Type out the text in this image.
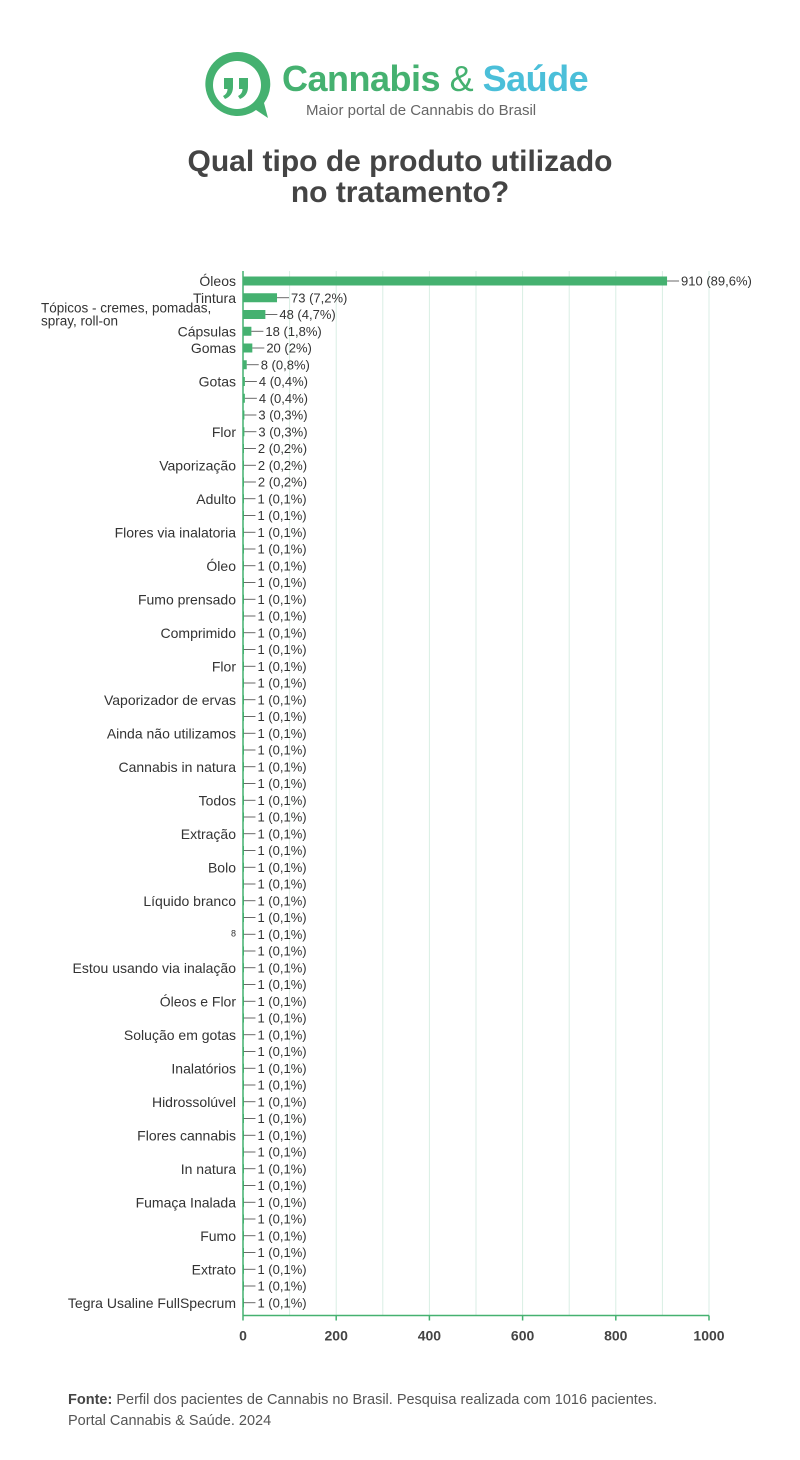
Cannabis & Saúde
Maior portal de Cannabis do Brasil
Qual tipo de produto utilizado
no tratamento?
0	200	400	600	800	1000
910 (89,6%)
Óleos
73 (7,2%)
Tintura
48 (4,7%)
Tópicos - cremes, pomadas,
spray, roll-on
18 (1,8%)
Cápsulas
20 (2%)
Gomas
8 (0,8%)
4 (0,4%)
Gotas
4 (0,4%)
3 (0,3%)
3 (0,3%)
Flor
2 (0,2%)
2 (0,2%)
Vaporização
2 (0,2%)
1 (0,1%)
Adulto
1 (0,1%)
1 (0,1%)
Flores via inalatoria
1 (0,1%)
1 (0,1%)
Óleo
1 (0,1%)
1 (0,1%)
Fumo prensado
1 (0,1%)
1 (0,1%)
Comprimido
1 (0,1%)
1 (0,1%)
Flor
1 (0,1%)
1 (0,1%)
Vaporizador de ervas
1 (0,1%)
1 (0,1%)
Ainda não utilizamos
1 (0,1%)
1 (0,1%)
Cannabis in natura
1 (0,1%)
1 (0,1%)
Todos
1 (0,1%)
1 (0,1%)
Extração
1 (0,1%)
1 (0,1%)
Bolo
1 (0,1%)
1 (0,1%)
Líquido branco
1 (0,1%)
1 (0,1%)
8
1 (0,1%)
1 (0,1%)
Estou usando via inalação
1 (0,1%)
1 (0,1%)
Óleos e Flor
1 (0,1%)
1 (0,1%)
Solução em gotas
1 (0,1%)
1 (0,1%)
Inalatórios
1 (0,1%)
1 (0,1%)
Hidrossolúvel
1 (0,1%)
1 (0,1%)
Flores cannabis
1 (0,1%)
1 (0,1%)
In natura
1 (0,1%)
1 (0,1%)
Fumaça Inalada
1 (0,1%)
1 (0,1%)
Fumo
1 (0,1%)
1 (0,1%)
Extrato
1 (0,1%)
1 (0,1%)
Tegra Usaline FullSpecrum
Fonte: Perfil dos pacientes de Cannabis no Brasil. Pesquisa realizada com 1016 pacientes.
Portal Cannabis & Saúde. 2024
